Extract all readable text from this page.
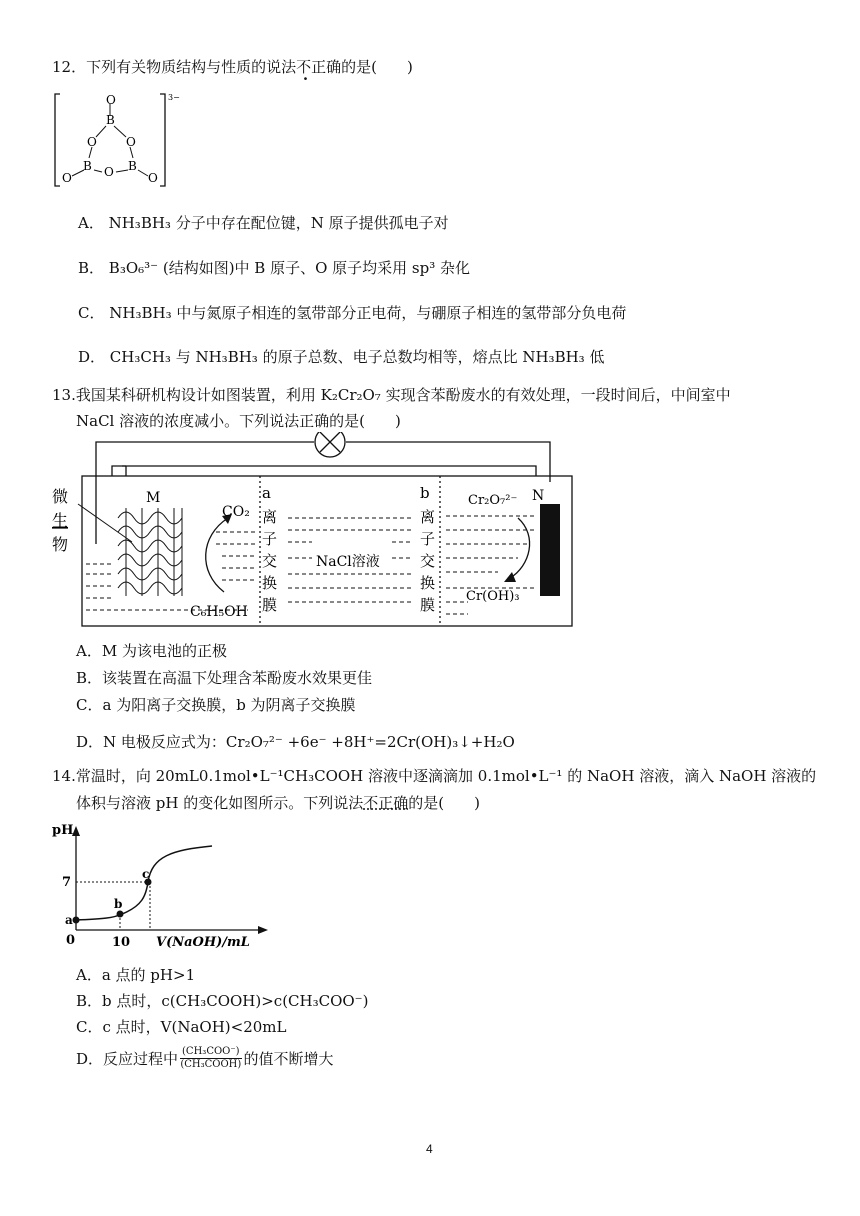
12．下列有关物质结构与性质的说法不正确的是(　　)
3−
O
B
O O
B O B
O	O
A． NH₃BH₃ 分子中存在配位键，N 原子提供孤电子对
B． B₃O₆³⁻ (结构如图)中 B 原子、O 原子均采用 sp³ 杂化
C． NH₃BH₃ 中与氮原子相连的氢带部分正电荷，与硼原子相连的氢带部分负电荷
D． CH₃CH₃ 与 NH₃BH₃ 的原子总数、电子总数均相等，熔点比 NH₃BH₃ 低
13.我国某科研机构设计如图装置，利用 K₂Cr₂O₇ 实现含苯酚废水的有效处理，一段时间后，中间室中
NaCl 溶液的浓度减小。下列说法正确的是(　　)
微
生
物
M	N
CO₂
C₆H₅OH
NaCl溶液
Cr₂O₇²⁻
Cr(OH)₃
a
离
子
交
换
膜
b
离
子
交
换
膜
A．M 为该电池的正极
B．该装置在高温下处理含苯酚废水效果更佳
C．a 为阳离子交换膜，b 为阴离子交换膜
D．N 电极反应式为：Cr₂O₇²⁻ +6e⁻ +8H⁺=2Cr(OH)₃↓+H₂O
14.常温时，向 20mL0.1mol•L⁻¹CH₃COOH 溶液中逐滴滴加 0.1mol•L⁻¹ 的 NaOH 溶液，滴入 NaOH 溶液的
体积与溶液 pH 的变化如图所示。下列说法不正确的是(　　)
pH
7
a
b
c
0	10 V(NaOH)/mL
A．a 点的 pH>1
B．b 点时，c(CH₃COOH)>c(CH₃COO⁻)
C．c 点时，V(NaOH)<20mL
D．反应过程中 (CH₃COO⁻)
(CH₃COOH) 的值不断增大
4
